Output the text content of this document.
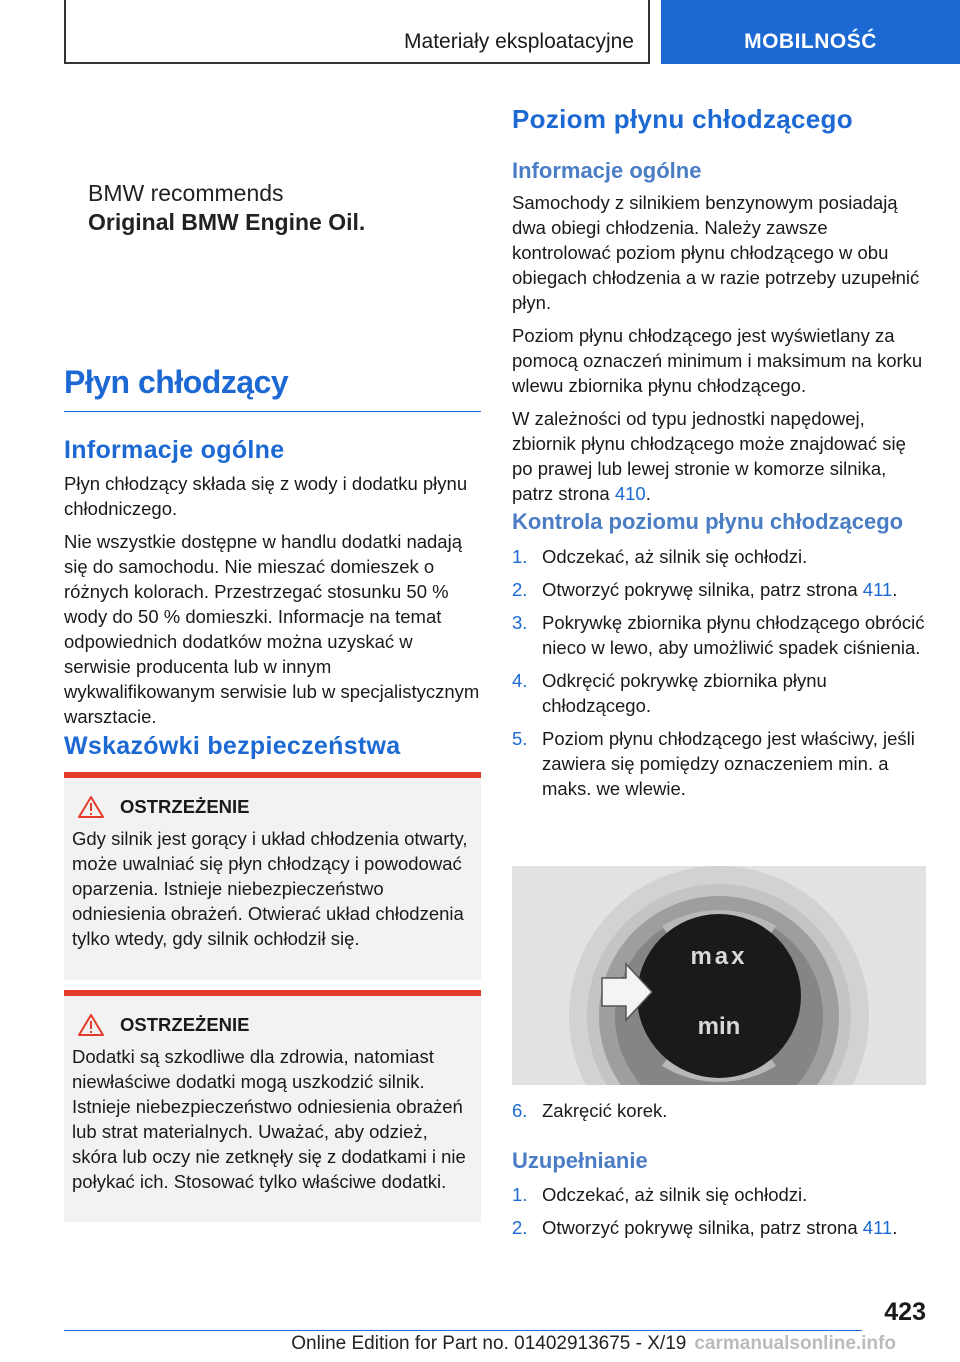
Materiały eksploatacyjne	MOBILNOŚĆ
BMW recommends
Original BMW Engine Oil.
Płyn chłodzący
Informacje ogólne
Płyn chłodzący składa się z wody i dodatku płynu chłodniczego.
Nie wszystkie dostępne w handlu dodatki nadają się do samochodu. Nie mieszać domieszek o różnych kolorach. Przestrzegać stosunku 50 % wody do 50 % domieszki. Informacje na temat odpowiednich dodatków można uzyskać w serwisie producenta lub w innym wykwalifikowanym serwisie lub w specjalistycznym warsztacie.
Wskazówki bezpieczeństwa
OSTRZEŻENIE
Gdy silnik jest gorący i układ chłodzenia otwarty, może uwalniać się płyn chłodzący i powodować oparzenia. Istnieje niebezpieczeństwo odniesienia obrażeń. Otwierać układ chłodzenia tylko wtedy, gdy silnik ochłodził się.
OSTRZEŻENIE
Dodatki są szkodliwe dla zdrowia, natomiast niewłaściwe dodatki mogą uszkodzić silnik. Istnieje niebezpieczeństwo odniesienia obrażeń lub strat materialnych. Uważać, aby odzież, skóra lub oczy nie zetknęły się z dodatkami i nie połykać ich. Stosować tylko właściwe dodatki.
Poziom płynu chłodzącego
Informacje ogólne
Samochody z silnikiem benzynowym posiadają dwa obiegi chłodzenia. Należy zawsze kontrolować poziom płynu chłodzącego w obu obiegach chłodzenia a w razie potrzeby uzupełnić płyn.
Poziom płynu chłodzącego jest wyświetlany za pomocą oznaczeń minimum i maksimum na korku wlewu zbiornika płynu chłodzącego.
W zależności od typu jednostki napędowej, zbiornik płynu chłodzącego może znajdować się po prawej lub lewej stronie w komorze silnika, patrz strona 410.
Kontrola poziomu płynu chłodzącego
1. Odczekać, aż silnik się ochłodzi.
2. Otworzyć pokrywę silnika, patrz strona 411.
3. Pokrywkę zbiornika płynu chłodzącego obrócić nieco w lewo, aby umożliwić spadek ciśnienia.
4. Odkręcić pokrywkę zbiornika płynu chłodzącego.
5. Poziom płynu chłodzącego jest właściwy, jeśli zawiera się pomiędzy oznaczeniem min. a maks. we wlewie.
max
min
6. Zakręcić korek.
Uzupełnianie
1. Odczekać, aż silnik się ochłodzi.
2. Otworzyć pokrywę silnika, patrz strona 411.
423
Online Edition for Part no. 01402913675 - X/19 carmanualsonline.info
